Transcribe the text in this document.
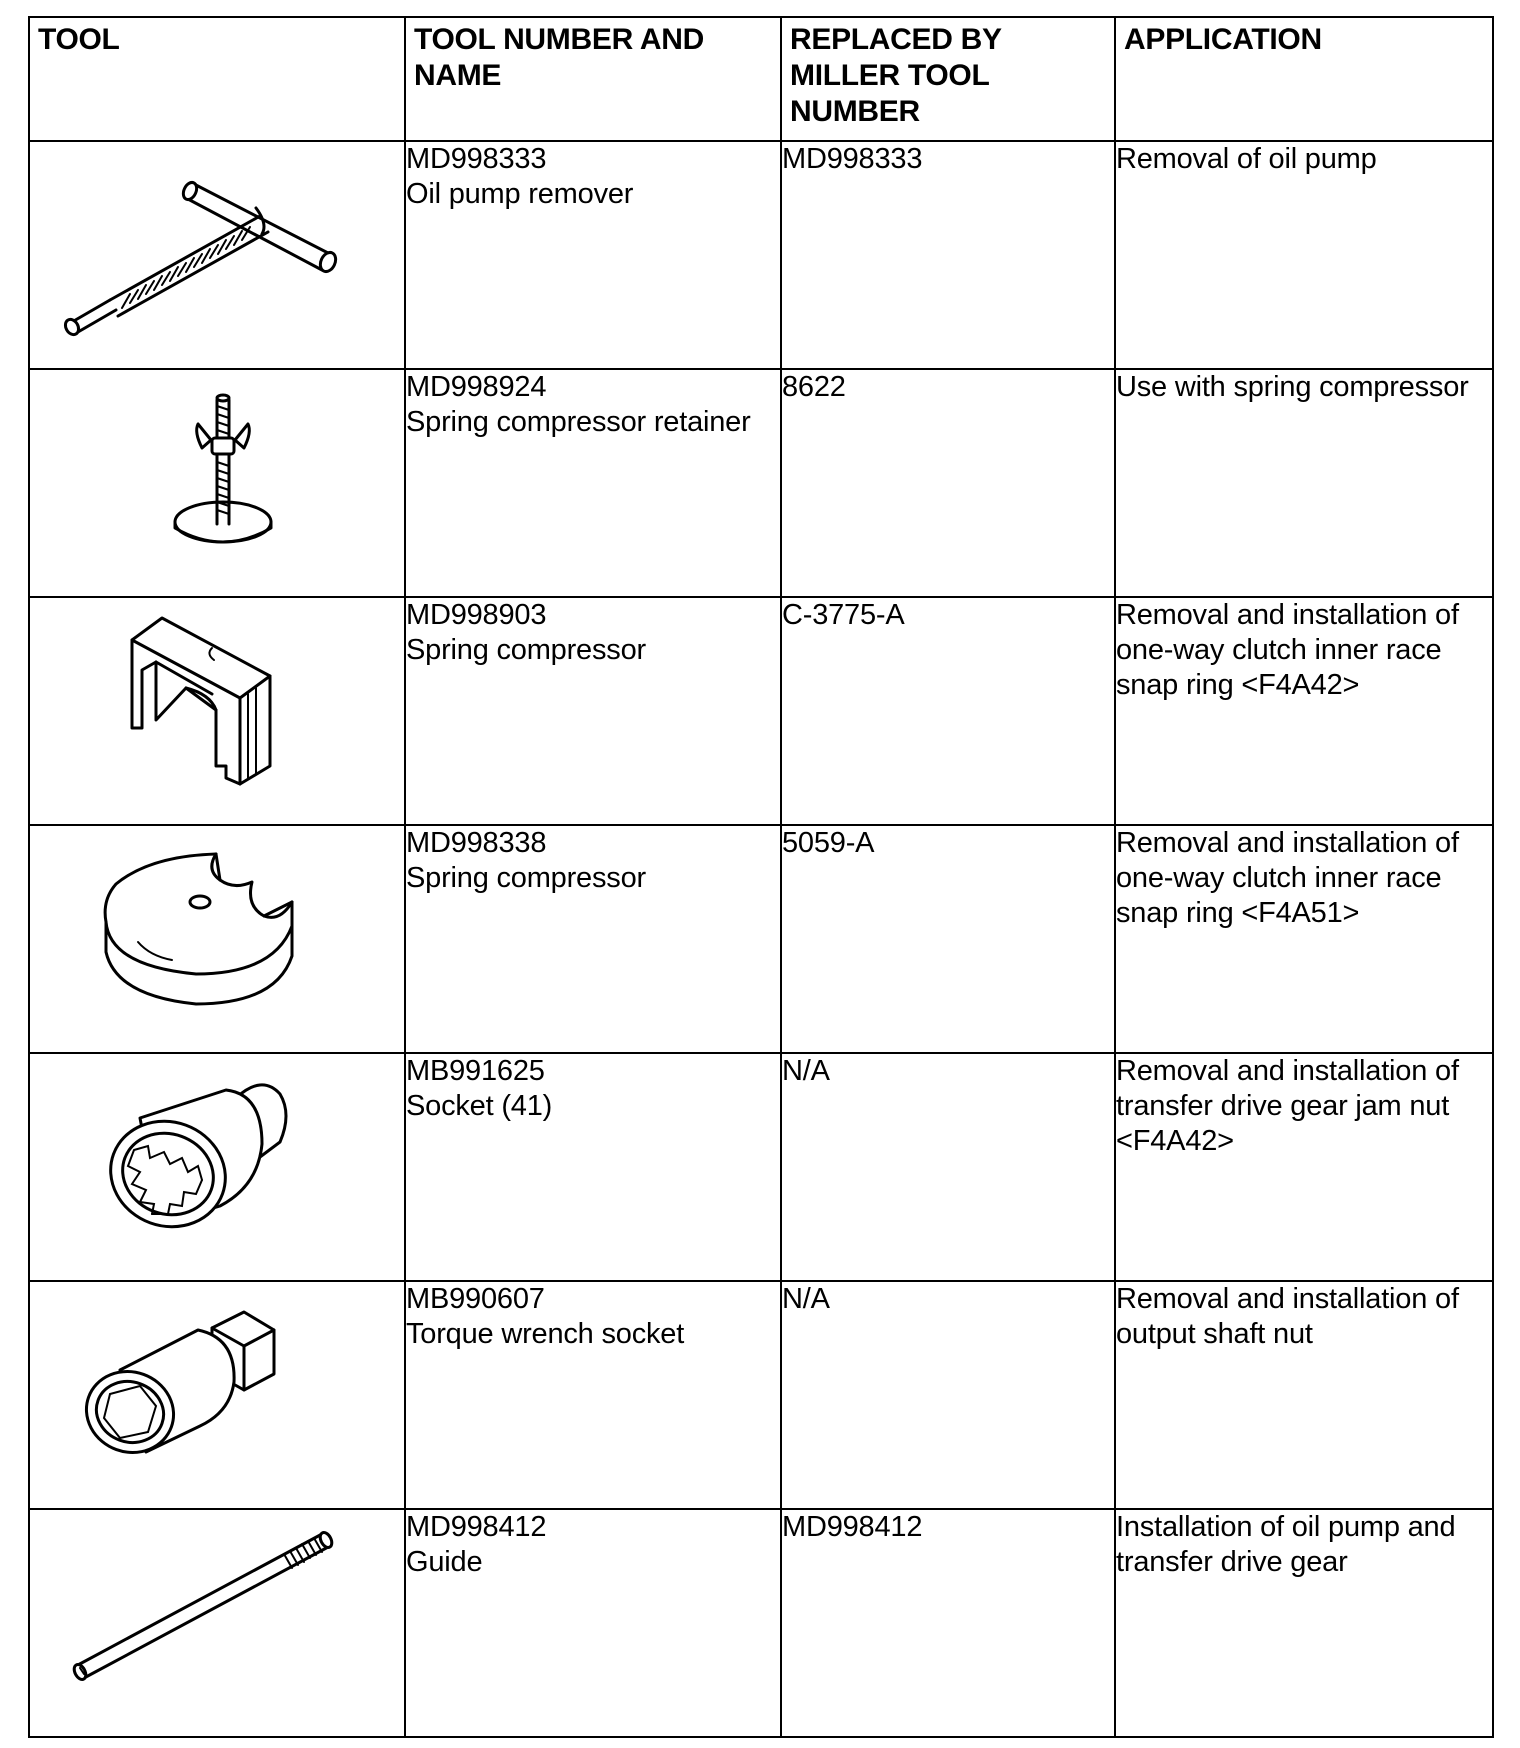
TOOL	TOOL NUMBER AND NAME	REPLACED BY MILLER TOOL NUMBER	APPLICATION

MD998333
Oil pump remover	MD998333	Removal of oil pump

MD998924
Spring compressor retainer	8622	Use with spring compressor

MD998903
Spring compressor	C-3775-A	Removal and installation of one-way clutch inner race snap ring <F4A42>

MD998338
Spring compressor	5059-A	Removal and installation of one-way clutch inner race snap ring <F4A51>

MB991625
Socket (41)	N/A	Removal and installation of transfer drive gear jam nut <F4A42>

MB990607
Torque wrench socket	N/A	Removal and installation of output shaft nut

MD998412
Guide	MD998412	Installation of oil pump and transfer drive gear
